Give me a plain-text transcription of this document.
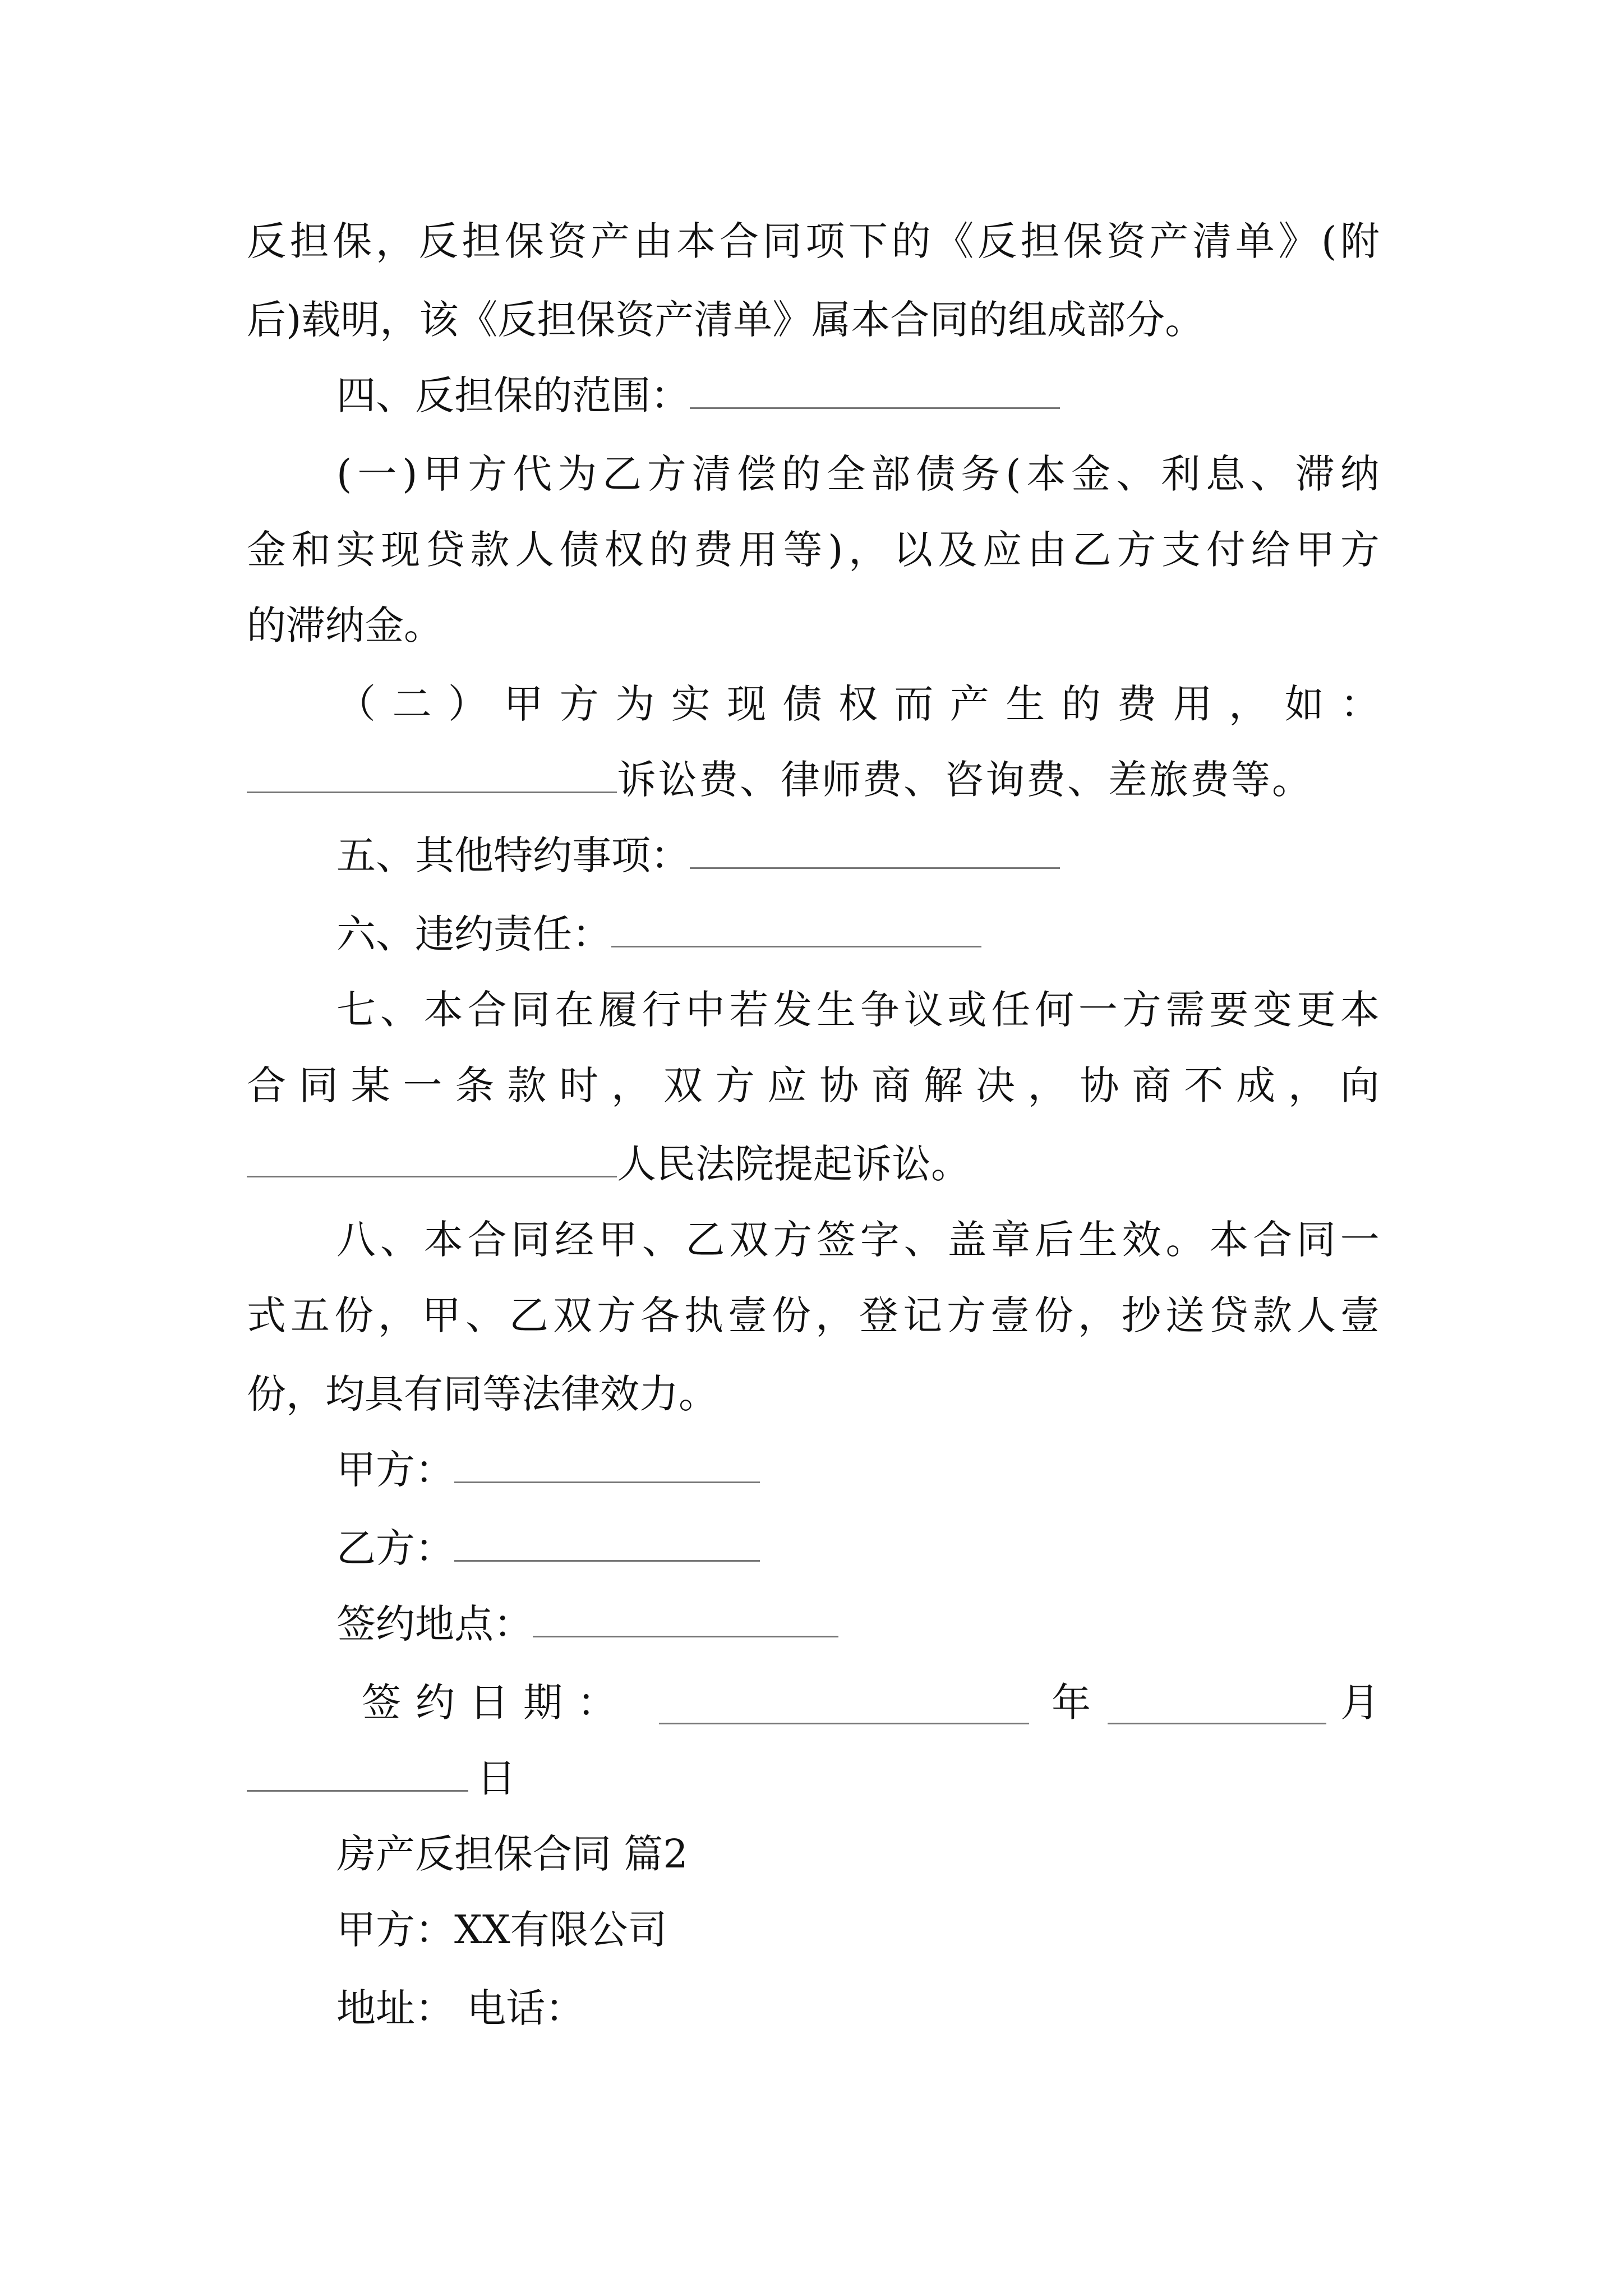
反 担 保 ， 反 担 保 资 产 由 本 合 同 项 下 的 《 反 担 保 资 产 清 单 》 ( 附
后)载明，该《反担保资产清单》属本合同的组成部分。
四、反担保的范围：
( 一 ) 甲 方 代 为 乙 方 清 偿 的 全 部 债 务 ( 本 金 、 利 息 、 滞 纳
金 和 实 现 贷 款 人 债 权 的 费 用 等 ) ， 以 及 应 由 乙 方 支 付 给 甲 方
的滞纳金。
（ 二 ） 甲 方 为 实 现 债 权 而 产 生 的 费 用 ， 如 ：
诉讼费、律师费、咨询费、差旅费等。
五、其他特约事项：
六、违约责任：
七 、 本 合 同 在 履 行 中 若 发 生 争 议 或 任 何 一 方 需 要 变 更 本
合 同 某 一 条 款 时 ， 双 方 应 协 商 解 决 ， 协 商 不 成 ， 向
人民法院提起诉讼。
八 、 本 合 同 经 甲 、 乙 双 方 签 字 、 盖 章 后 生 效 。 本 合 同 一
式 五 份 ， 甲 、 乙 双 方 各 执 壹 份 ， 登 记 方 壹 份 ， 抄 送 贷 款 人 壹
份，均具有同等法律效力。
甲方：
乙方：
签约地点：
签约日期：	年	月
日
房产反担保合同 篇2
甲方：XX有限公司
地址： 电话：
